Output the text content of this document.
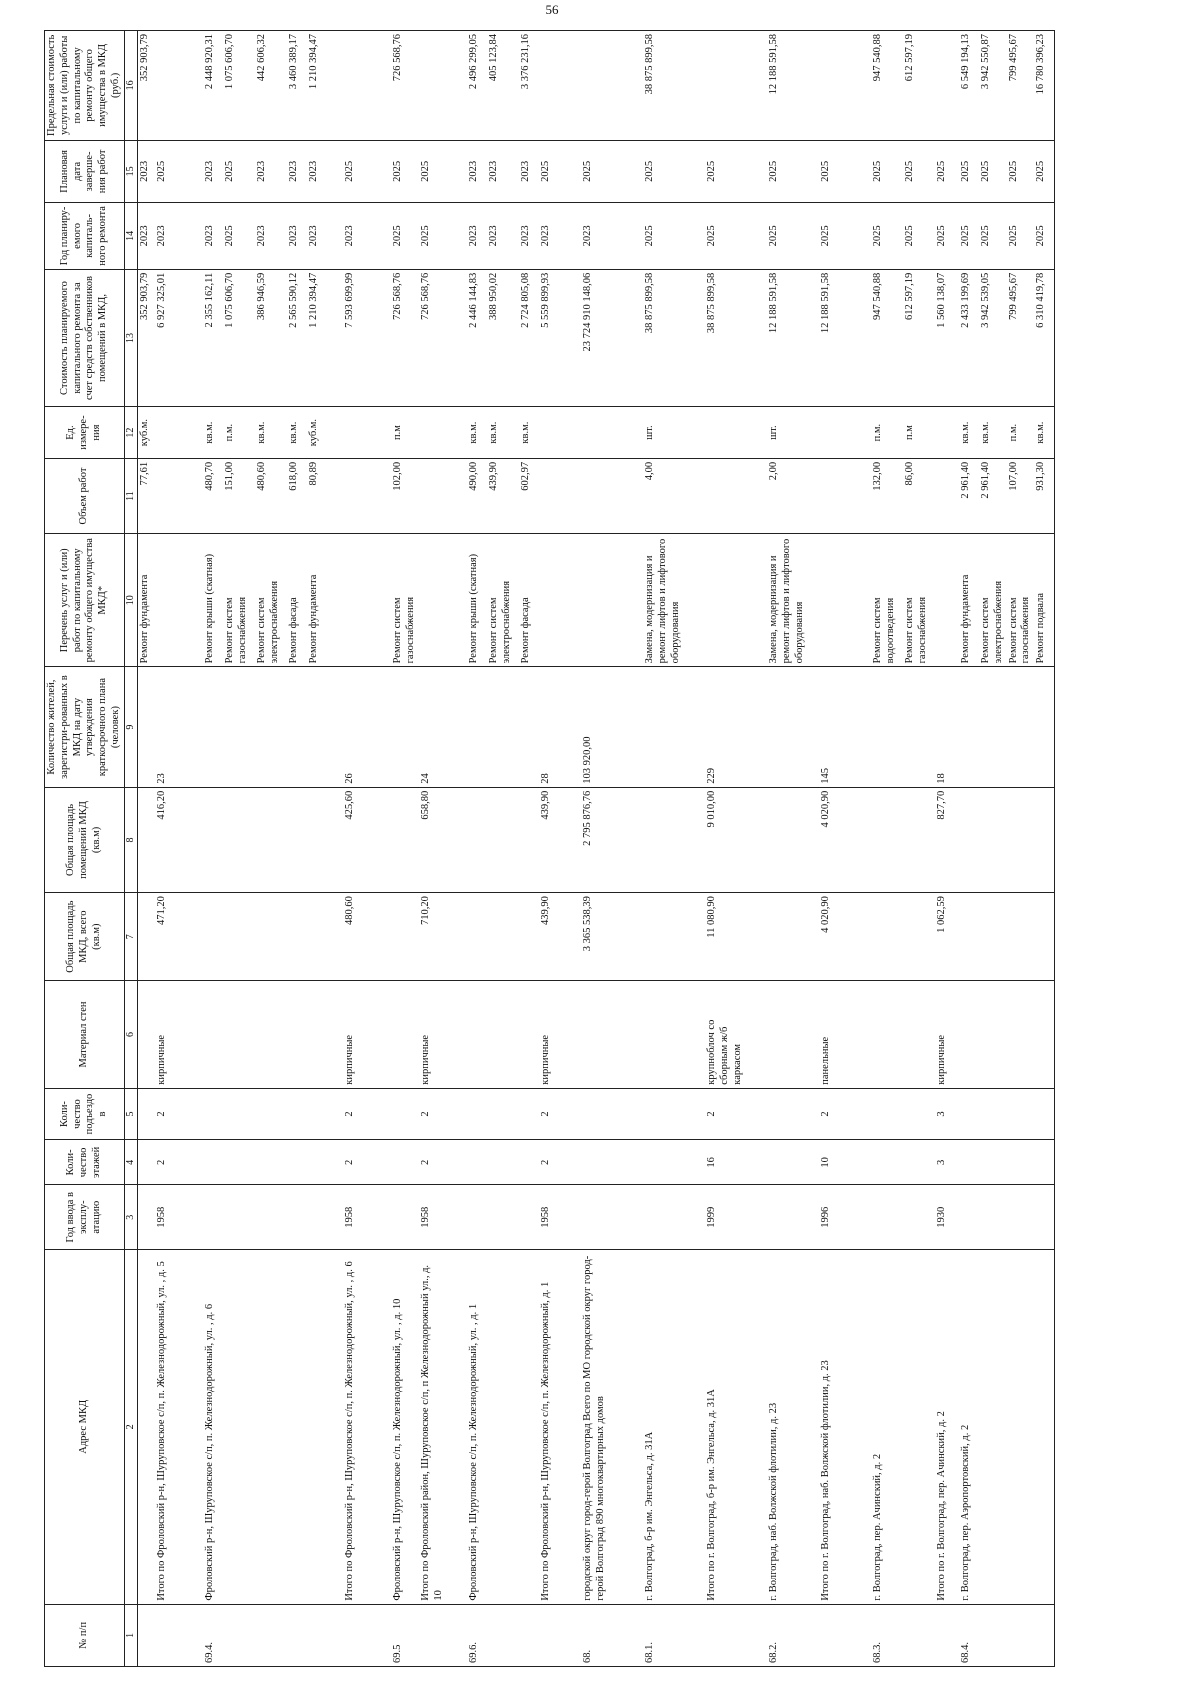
56
№ п/п	Адрес МКД	Год ввода в эксплу-атацию	Коли-чество этажей	Коли-чество подъездо в	Материал стен	Общая площадь МКД, всего (кв.м)	Общая площадь помещений МКД (кв.м)	Количество жителей, зарегистри-рованных в МКД на дату утверждения краткосрочного плана (человек)	Перечень услуг и (или) работ по капитальному ремонту общего имущества МКД*	Объем работ	Ед. измере-ния	Стоимость планируемого капитального ремонта за счет средств собственников помещений в МКД,	Год планиру-емого капиталь-ного ремонта	Плановая дата заверше-ния работ	Предельная стоимость услуги и (или) работы по капитальному ремонту общего имущества в МКД (руб.)
1	2	3	4	5	6	7	8	9	10	11	12	13	14	15	16
									Ремонт фундамента	77,61	куб.м.	352 903,79	2023	2023	352 903,79
	Итого по Фроловский р-н, Шуруповское с/п, п. Железнодорожный, ул. , д. 5	1958	2	2	кирпичные	471,20	416,20	23				6 927 325,01	2023	2025	
69.4.	Фроловский р-н, Шуруповское с/п, п. Железнодорожный, ул. , д. 6								Ремонт крыши (скатная)	480,70	кв.м.	2 355 162,11	2023	2023	2 448 920,31
									Ремонт систем газоснабжения	151,00	п.м.	1 075 606,70	2025	2025	1 075 606,70
									Ремонт систем электроснабжения	480,60	кв.м.	386 946,59	2023	2023	442 606,32
									Ремонт фасада	618,00	кв.м.	2 565 590,12	2023	2023	3 460 389,17
									Ремонт фундамента	80,89	куб.м.	1 210 394,47	2023	2023	1 210 394,47
	Итого по Фроловский р-н, Шуруповское с/п, п. Железнодорожный, ул. , д. 6	1958	2	2	кирпичные	480,60	425,60	26				7 593 699,99	2023	2025	
69.5	Фроловский р-н, Шуруповское с/п, п. Железнодорожный, ул. , д. 10								Ремонт систем газоснабжения	102,00	п.м	726 568,76	2025	2025	726 568,76
	Итого по Фроловский район, Шуруповское с/п, п Железнодорожный ул., д. 10	1958	2	2	кирпичные	710,20	658,80	24				726 568,76	2025	2025	
69.6.	Фроловский р-н, Шуруповское с/п, п. Железнодорожный, ул. , д. 1								Ремонт крыши (скатная)	490,00	кв.м.	2 446 144,83	2023	2023	2 496 299,05
									Ремонт систем электроснабжения	439,90	кв.м.	388 950,02	2023	2023	405 123,84
									Ремонт фасада	602,97	кв.м.	2 724 805,08	2023	2023	3 376 231,16
	Итого по Фроловский р-н, Шуруповское с/п, п. Железнодорожный, д. 1	1958	2	2	кирпичные	439,90	439,90	28				5 559 899,93	2023	2025	
68.	городской округ город-герой Волгоград Всего по МО городской округ город-герой Волгоград 890 многоквартирных домов					3 365 538,39	2 795 876,76	103 920,00				23 724 910 148,06	2023	2025	
68.1.	г. Волгоград, б-р им. Энгельса, д. 31А								Замена, модернизация и ремонт лифтов и лифтового оборудования	4,00	шт.	38 875 899,58	2025	2025	38 875 899,58
	Итого по г. Волгоград, б-р им. Энгельса, д. 31А	1999	16	2	крупноблоч со сборным ж/б каркасом	11 080,90	9 010,00	229				38 875 899,58	2025	2025	
68.2.	г. Волгоград, наб. Волжской флотилии, д. 23								Замена, модернизация и ремонт лифтов и лифтового оборудования	2,00	шт.	12 188 591,58	2025	2025	12 188 591,58
	Итого по г. Волгоград, наб. Волжской флотилии, д. 23	1996	10	2	панельные	4 020,90	4 020,90	145				12 188 591,58	2025	2025	
68.3.	г. Волгоград, пер. Ачинский, д. 2								Ремонт систем водоотведения	132,00	п.м.	947 540,88	2025	2025	947 540,88
									Ремонт систем газоснабжения	86,00	п.м	612 597,19	2025	2025	612 597,19
	Итого по г. Волгоград, пер. Ачинский, д. 2	1930	3	3	кирпичные	1 062,59	827,70	18				1 560 138,07	2025	2025	
68.4.	г. Волгоград, пер. Аэропортовский, д. 2								Ремонт фундамента	2 961,40	кв.м.	2 433 199,69	2025	2025	6 549 194,13
									Ремонт систем электроснабжения	2 961,40	кв.м.	3 942 539,05	2025	2025	3 942 550,87
									Ремонт систем газоснабжения	107,00	п.м.	799 495,67	2025	2025	799 495,67
									Ремонт подвала	931,30	кв.м.	6 310 419,78	2025	2025	16 780 396,23
